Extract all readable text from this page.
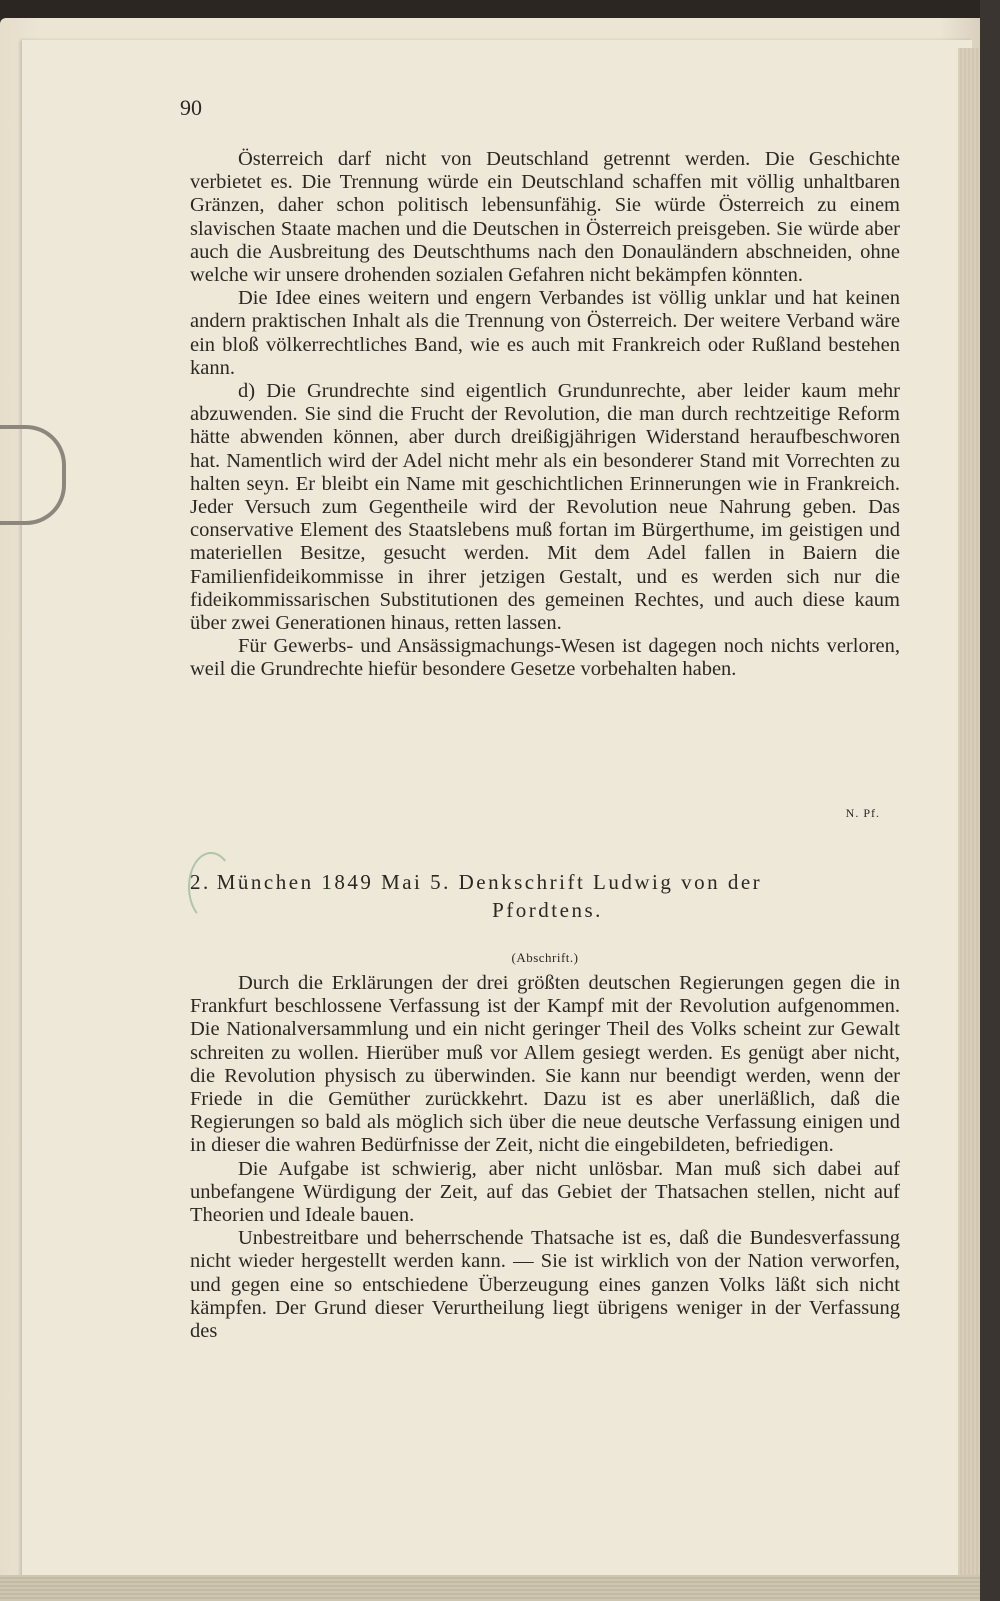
90

Österreich darf nicht von Deutschland getrennt werden. Die Geschichte verbietet es. Die Trennung würde ein Deutschland schaffen mit völlig unhaltbaren Gränzen, daher schon politisch lebensunfähig. Sie würde Österreich zu einem slavischen Staate machen und die Deutschen in Österreich preisgeben. Sie würde aber auch die Ausbreitung des Deutschthums nach den Donauländern abschneiden, ohne welche wir unsere drohenden sozialen Gefahren nicht bekämpfen könnten.

Die Idee eines weitern und engern Verbandes ist völlig unklar und hat keinen andern praktischen Inhalt als die Trennung von Österreich. Der weitere Verband wäre ein bloß völkerrechtliches Band, wie es auch mit Frankreich oder Rußland bestehen kann.

d) Die Grundrechte sind eigentlich Grundunrechte, aber leider kaum mehr abzuwenden. Sie sind die Frucht der Revolution, die man durch rechtzeitige Reform hätte abwenden können, aber durch dreißigjährigen Widerstand heraufbeschworen hat. Namentlich wird der Adel nicht mehr als ein besonderer Stand mit Vorrechten zu halten seyn. Er bleibt ein Name mit geschichtlichen Erinnerungen wie in Frankreich. Jeder Versuch zum Gegentheile wird der Revolution neue Nahrung geben. Das conservative Element des Staatslebens muß fortan im Bürgerthume, im geistigen und materiellen Besitze, gesucht werden. Mit dem Adel fallen in Baiern die Familienfideikommisse in ihrer jetzigen Gestalt, und es werden sich nur die fideikommissarischen Substitutionen des gemeinen Rechtes, und auch diese kaum über zwei Generationen hinaus, retten lassen.

Für Gewerbs- und Ansässigmachungs-Wesen ist dagegen noch nichts verloren, weil die Grundrechte hiefür besondere Gesetze vorbehalten haben.

N. Pf.
2. München 1849 Mai 5. Denkschrift Ludwig von der
Pfordtens.
(Abschrift.)

Durch die Erklärungen der drei größten deutschen Regierungen gegen die in Frankfurt beschlossene Verfassung ist der Kampf mit der Revolution aufgenommen. Die Nationalversammlung und ein nicht geringer Theil des Volks scheint zur Gewalt schreiten zu wollen. Hierüber muß vor Allem gesiegt werden. Es genügt aber nicht, die Revolution physisch zu überwinden. Sie kann nur beendigt werden, wenn der Friede in die Gemüther zurückkehrt. Dazu ist es aber unerläßlich, daß die Regierungen so bald als möglich sich über die neue deutsche Verfassung einigen und in dieser die wahren Bedürfnisse der Zeit, nicht die eingebildeten, befriedigen.

Die Aufgabe ist schwierig, aber nicht unlösbar. Man muß sich dabei auf unbefangene Würdigung der Zeit, auf das Gebiet der Thatsachen stellen, nicht auf Theorien und Ideale bauen.

Unbestreitbare und beherrschende Thatsache ist es, daß die Bundesverfassung nicht wieder hergestellt werden kann. — Sie ist wirklich von der Nation verworfen, und gegen eine so entschiedene Überzeugung eines ganzen Volks läßt sich nicht kämpfen. Der Grund dieser Verurtheilung liegt übrigens weniger in der Verfassung des
